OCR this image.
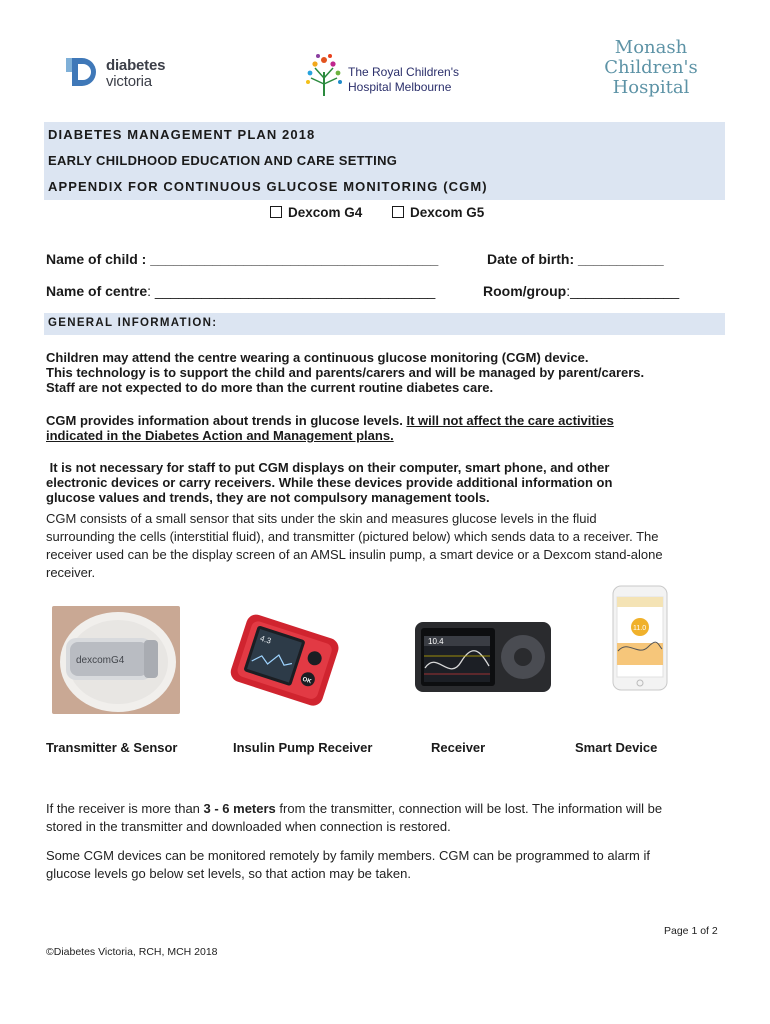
diabetes
victoria
The Royal Children's
Hospital Melbourne
Monash
Children's
Hospital
DIABETES MANAGEMENT PLAN 2018
EARLY CHILDHOOD EDUCATION AND CARE SETTING
APPENDIX FOR CONTINUOUS GLUCOSE MONITORING (CGM)
Dexcom G4	Dexcom G5
Name of child : _____________________________________	Date of birth: ___________
Name of centre: ____________________________________	Room/group:______________
GENERAL INFORMATION:
Children may attend the centre wearing a continuous glucose monitoring (CGM) device.
This technology is to support the child and parents/carers and will be managed by parent/carers.
Staff are not expected to do more than the current routine diabetes care.
CGM provides information about trends in glucose levels. It will not affect the care activities
indicated in the Diabetes Action and Management plans.
It is not necessary for staff to put CGM displays on their computer, smart phone, and other
electronic devices or carry receivers. While these devices provide additional information on
glucose values and trends, they are not compulsory management tools.
CGM consists of a small sensor that sits under the skin and measures glucose levels in the fluid
surrounding the cells (interstitial fluid), and transmitter (pictured below) which sends data to a receiver. The
receiver used can be the display screen of an AMSL insulin pump, a smart device or a Dexcom stand-alone
receiver.
dexcomG4
4.3
OK
10.4
11.0
Transmitter & Sensor	Insulin Pump Receiver	Receiver	Smart Device
If the receiver is more than 3 - 6 meters from the transmitter, connection will be lost. The information will be
stored in the transmitter and downloaded when connection is restored.
Some CGM devices can be monitored remotely by family members. CGM can be programmed to alarm if
glucose levels go below set levels, so that action may be taken.
Page 1 of 2
©Diabetes Victoria, RCH, MCH 2018
